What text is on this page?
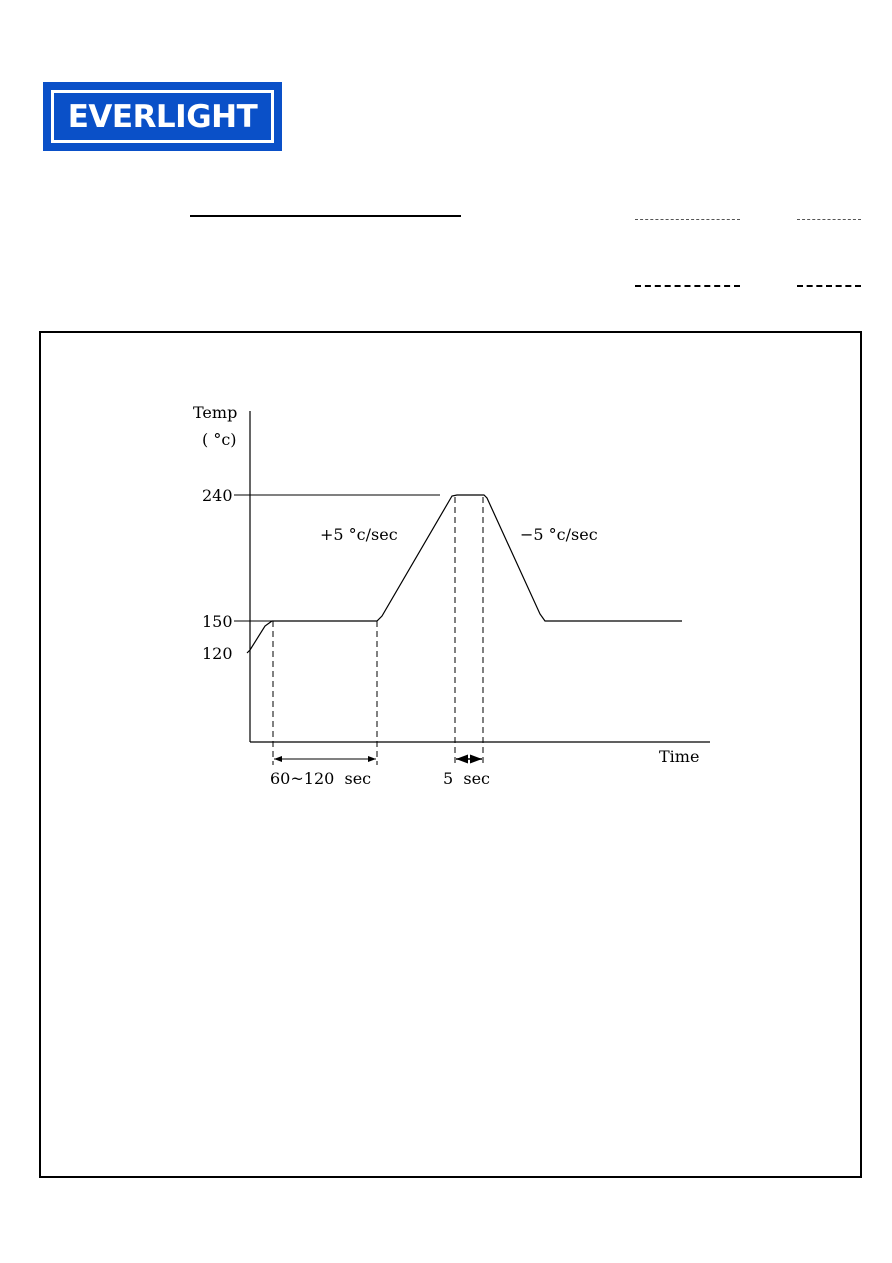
EVERLIGHT
Temp
( °c)
Time
240
150
120
+5 °c/sec	−5 °c/sec
60~120  sec	5  sec
